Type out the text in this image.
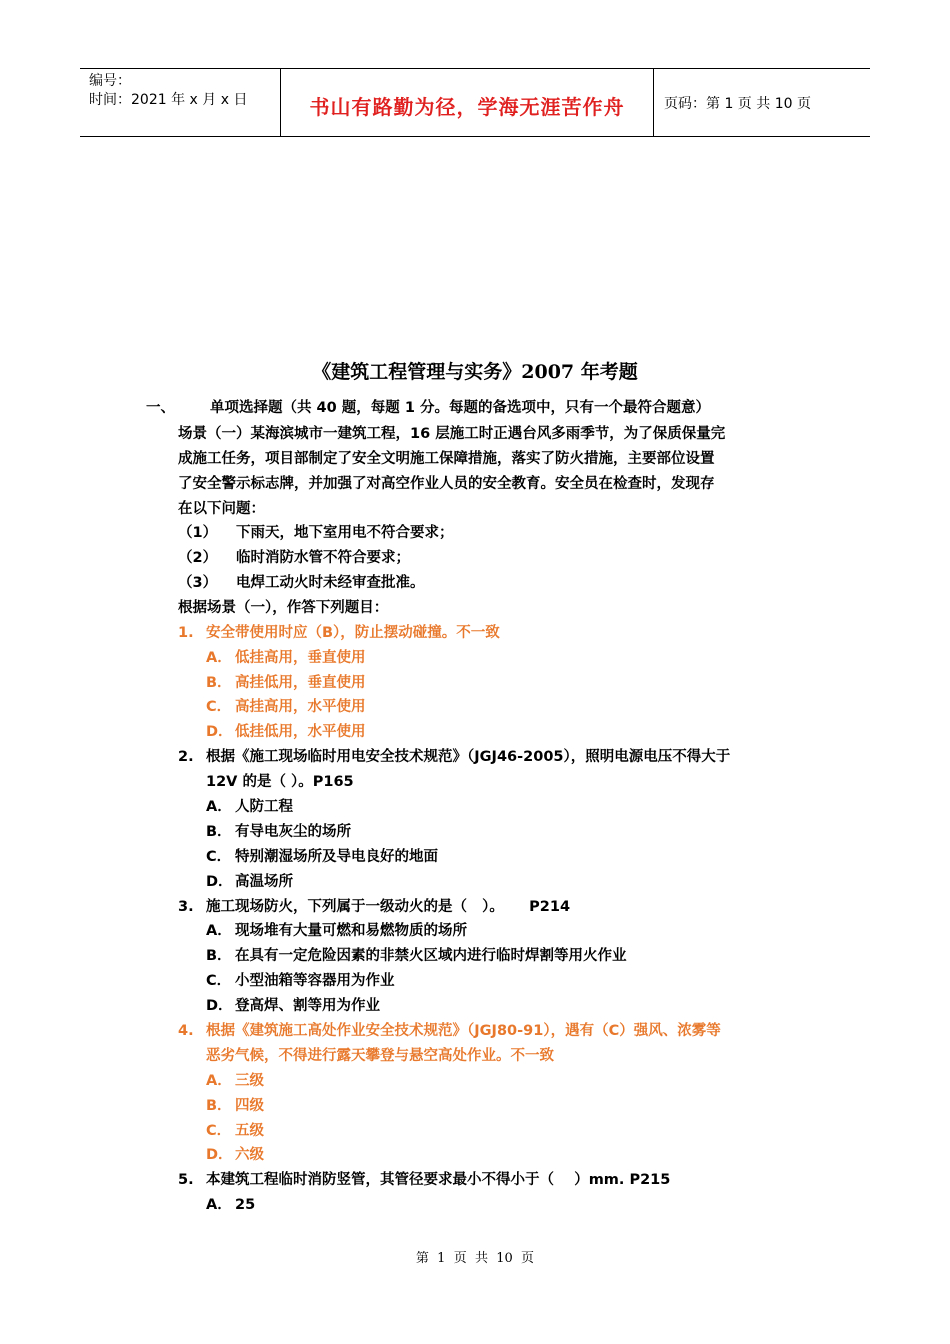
编号：
时间：2021 年 x 月 x 日	书山有路勤为径，学海无涯苦作舟	页码：第 1 页 共 10 页
《建筑工程管理与实务》2007 年考题
一、 单项选择题（共 40 题，每题 1 分。每题的备选项中，只有一个最符合题意）
场景（一）某海滨城市一建筑工程，16 层施工时正遇台风多雨季节，为了保质保量完
成施工任务，项目部制定了安全文明施工保障措施，落实了防火措施，主要部位设置
了安全警示标志牌，并加强了对高空作业人员的安全教育。安全员在检查时，发现存
在以下问题：
（1） 下雨天，地下室用电不符合要求；
（2） 临时消防水管不符合要求；
（3） 电焊工动火时未经审查批准。
根据场景（一），作答下列题目：
1. 安全带使用时应（B），防止摆动碰撞。不一致
A． 低挂高用，垂直使用
B． 高挂低用，垂直使用
C． 高挂高用，水平使用
D． 低挂低用，水平使用
2. 根据《施工现场临时用电安全技术规范》（JGJ46-2005），照明电源电压不得大于
12V 的是（ ）。P165
A． 人防工程
B． 有导电灰尘的场所
C． 特别潮湿场所及导电良好的地面
D． 高温场所
3. 施工现场防火，下列属于一级动火的是（   ）。     P214
A． 现场堆有大量可燃和易燃物质的场所
B． 在具有一定危险因素的非禁火区域内进行临时焊割等用火作业
C． 小型油箱等容器用为作业
D． 登高焊、割等用为作业
4. 根据《建筑施工高处作业安全技术规范》（JGJ80-91），遇有（C）强风、浓雾等
恶劣气候，不得进行露天攀登与悬空高处作业。不一致
A． 三级
B． 四级
C． 五级
D． 六级
5. 本建筑工程临时消防竖管，其管径要求最小不得小于（    ）mm. P215
A． 25
第  1  页  共  10  页
